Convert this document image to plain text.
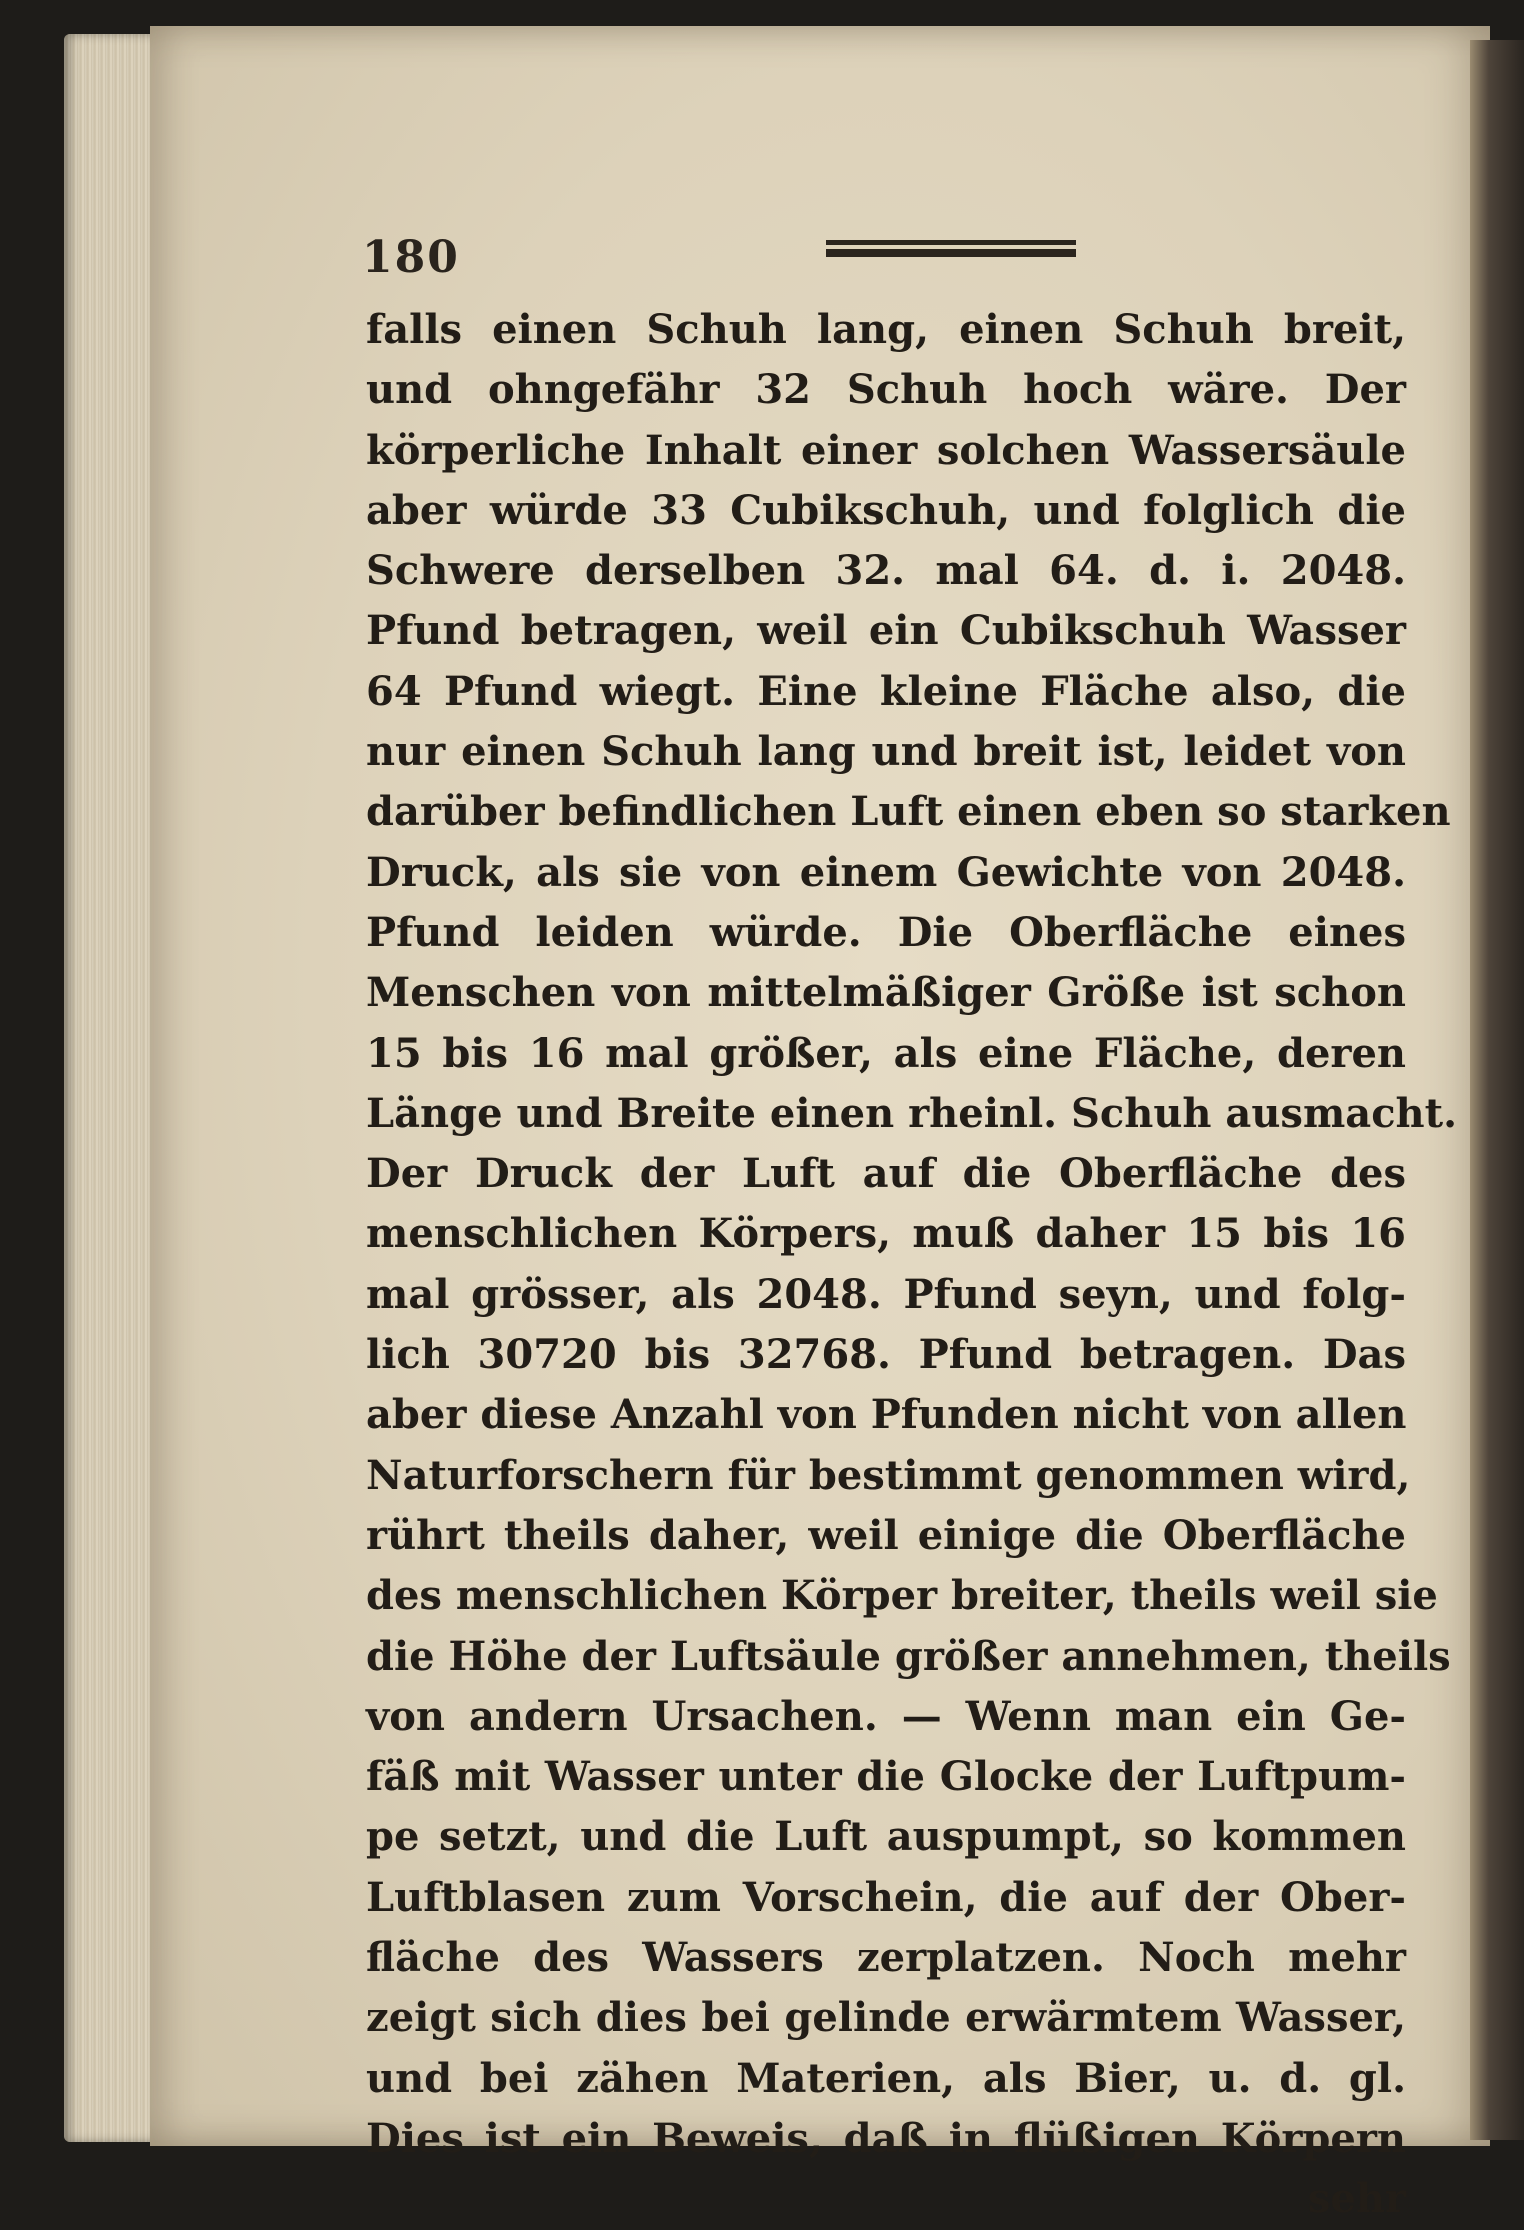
180
falls einen Schuh lang, einen Schuh breit,
und ohngefähr 32 Schuh hoch wäre. Der
körperliche Inhalt einer solchen Wassersäule
aber würde 33 Cubikschuh, und folglich die
Schwere derselben 32. mal 64. d. i. 2048.
Pfund betragen, weil ein Cubikschuh Wasser
64 Pfund wiegt. Eine kleine Fläche also, die
nur einen Schuh lang und breit ist, leidet von
darüber befindlichen Luft einen eben so starken
Druck, als sie von einem Gewichte von 2048.
Pfund leiden würde. Die Oberfläche eines
Menschen von mittelmäßiger Größe ist schon
15 bis 16 mal größer, als eine Fläche, deren
Länge und Breite einen rheinl. Schuh ausmacht.
Der Druck der Luft auf die Oberfläche des
menschlichen Körpers, muß daher 15 bis 16
mal grösser, als 2048. Pfund seyn, und folg-
lich 30720 bis 32768. Pfund betragen. Das
aber diese Anzahl von Pfunden nicht von allen
Naturforschern für bestimmt genommen wird,
rührt theils daher, weil einige die Oberfläche
des menschlichen Körper breiter, theils weil sie
die Höhe der Luftsäule größer annehmen, theils
von andern Ursachen. — Wenn man ein Ge-
fäß mit Wasser unter die Glocke der Luftpum-
pe setzt, und die Luft auspumpt, so kommen
Luftblasen zum Vorschein, die auf der Ober-
fläche des Wassers zerplatzen. Noch mehr
zeigt sich dies bei gelinde erwärmtem Wasser,
und bei zähen Materien, als Bier, u. d. gl.
Dies ist ein Beweis, daß in flüßigen Körpern
sehr
